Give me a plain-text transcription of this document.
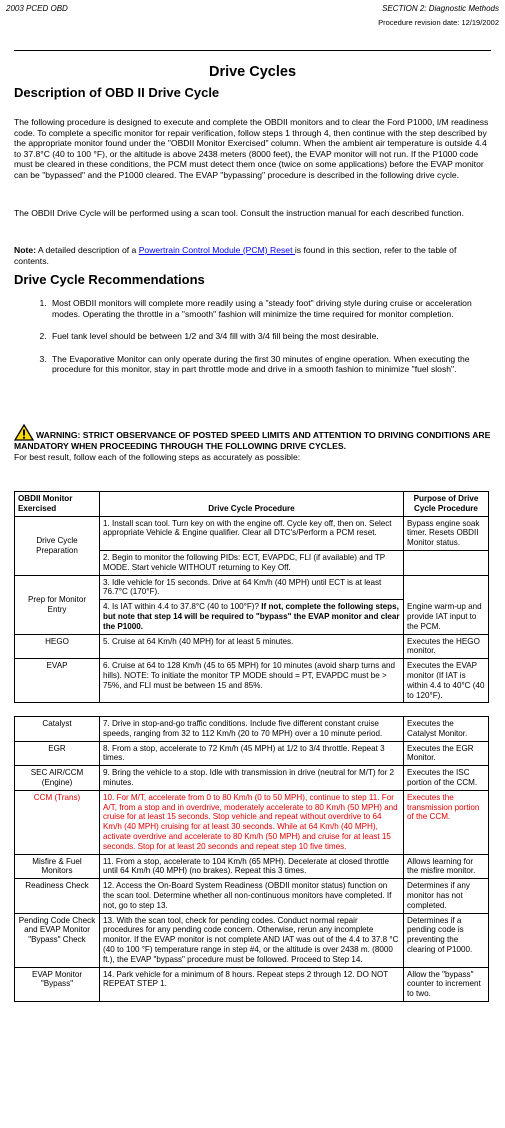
2003 PCED OBD	SECTION 2: Diagnostic Methods
Procedure revision date: 12/19/2002
Drive Cycles
Description of OBD II Drive Cycle
The following procedure is designed to execute and complete the OBDII monitors and to clear the Ford P1000, I/M readiness code. To complete a specific monitor for repair verification, follow steps 1 through 4, then continue with the step described by the appropriate monitor found under the "OBDII Monitor Exercised" column. When the ambient air temperature is outside 4.4 to 37.8°C (40 to 100 °F), or the altitude is above 2438 meters (8000 feet), the EVAP monitor will not run. If the P1000 code must be cleared in these conditions, the PCM must detect them once (twice on some applications) before the EVAP monitor can be "bypassed" and the P1000 cleared. The EVAP "bypassing" procedure is described in the following drive cycle.
The OBDII Drive Cycle will be performed using a scan tool. Consult the instruction manual for each described function.
Note: A detailed description of a Powertrain Control Module (PCM) Reset is found in this section, refer to the table of contents.
Drive Cycle Recommendations
1. Most OBDII monitors will complete more readily using a "steady foot" driving style during cruise or acceleration modes. Operating the throttle in a "smooth" fashion will minimize the time required for monitor completion.
2. Fuel tank level should be between 1/2 and 3/4 fill with 3/4 fill being the most desirable.
3. The Evaporative Monitor can only operate during the first 30 minutes of engine operation. When executing the procedure for this monitor, stay in part throttle mode and drive in a smooth fashion to minimize "fuel slosh".
WARNING: STRICT OBSERVANCE OF POSTED SPEED LIMITS AND ATTENTION TO DRIVING CONDITIONS ARE MANDATORY WHEN PROCEEDING THROUGH THE FOLLOWING DRIVE CYCLES.
For best result, follow each of the following steps as accurately as possible:
OBDII Monitor Exercised	Drive Cycle Procedure	Purpose of Drive Cycle Procedure
Drive Cycle Preparation	1. Install scan tool. Turn key on with the engine off. Cycle key off, then on. Select appropriate Vehicle & Engine qualifier. Clear all DTC's/Perform a PCM reset.	Bypass engine soak timer. Resets OBDII Monitor status.
	2. Begin to monitor the following PIDs: ECT, EVAPDC, FLI (if available) and TP MODE. Start vehicle WITHOUT returning to Key Off.	
Prep for Monitor Entry	3. Idle vehicle for 15 seconds. Drive at 64 Km/h (40 MPH) until ECT is at least 76.7°C (170°F).	Engine warm-up and provide IAT input to the PCM.
	4. Is IAT within 4.4 to 37.8°C (40 to 100°F)? If not, complete the following steps, but note that step 14 will be required to "bypass" the EVAP monitor and clear the P1000.	
HEGO	5. Cruise at 64 Km/h (40 MPH) for at least 5 minutes.	Executes the HEGO monitor.
EVAP	6. Cruise at 64 to 128 Km/h (45 to 65 MPH) for 10 minutes (avoid sharp turns and hills). NOTE: To initiate the monitor TP MODE should = PT, EVAPDC must be > 75%, and FLI must be between 15 and 85%.	Executes the EVAP monitor (If IAT is within 4.4 to 40°C (40 to 120°F).
Catalyst	7. Drive in stop-and-go traffic conditions. Include five different constant cruise speeds, ranging from 32 to 112 Km/h (20 to 70 MPH) over a 10 minute period.	Executes the Catalyst Monitor.
EGR	8. From a stop, accelerate to 72 Km/h (45 MPH) at 1/2 to 3/4 throttle. Repeat 3 times.	Executes the EGR Monitor.
SEC AIR/CCM (Engine)	9. Bring the vehicle to a stop. Idle with transmission in drive (neutral for M/T) for 2 minutes.	Executes the ISC portion of the CCM.
CCM (Trans)	10. For M/T, accelerate from 0 to 80 Km/h (0 to 50 MPH), continue to step 11. For A/T, from a stop and in overdrive, moderately accelerate to 80 Km/h (50 MPH) and cruise for at least 15 seconds. Stop vehicle and repeat without overdrive to 64 Km/h (40 MPH) cruising for at least 30 seconds. While at 64 Km/h (40 MPH), activate overdrive and accelerate to 80 Km/h (50 MPH) and cruise for at least 15 seconds. Stop for at least 20 seconds and repeat step 10 five times.	Executes the transmission portion of the CCM.
Misfire & Fuel Monitors	11. From a stop, accelerate to 104 Km/h (65 MPH). Decelerate at closed throttle until 64 Km/h (40 MPH) (no brakes). Repeat this 3 times.	Allows learning for the misfire monitor.
Readiness Check	12. Access the On-Board System Readiness (OBDII monitor status) function on the scan tool. Determine whether all non-continuous monitors have completed. If not, go to step 13.	Determines if any monitor has not completed.
Pending Code Check and EVAP Monitor "Bypass" Check	13. With the scan tool, check for pending codes. Conduct normal repair procedures for any pending code concern. Otherwise, rerun any incomplete monitor. If the EVAP monitor is not complete AND IAT was out of the 4.4 to 37.8 °C (40 to 100 °F) temperature range in step #4, or the altitude is over 2438 m. (8000 ft.), the EVAP "bypass" procedure must be followed. Proceed to Step 14.	Determines if a pending code is preventing the clearing of P1000.
EVAP Monitor "Bypass"	14. Park vehicle for a minimum of 8 hours. Repeat steps 2 through 12. DO NOT REPEAT STEP 1.	Allow the "bypass" counter to increment to two.
